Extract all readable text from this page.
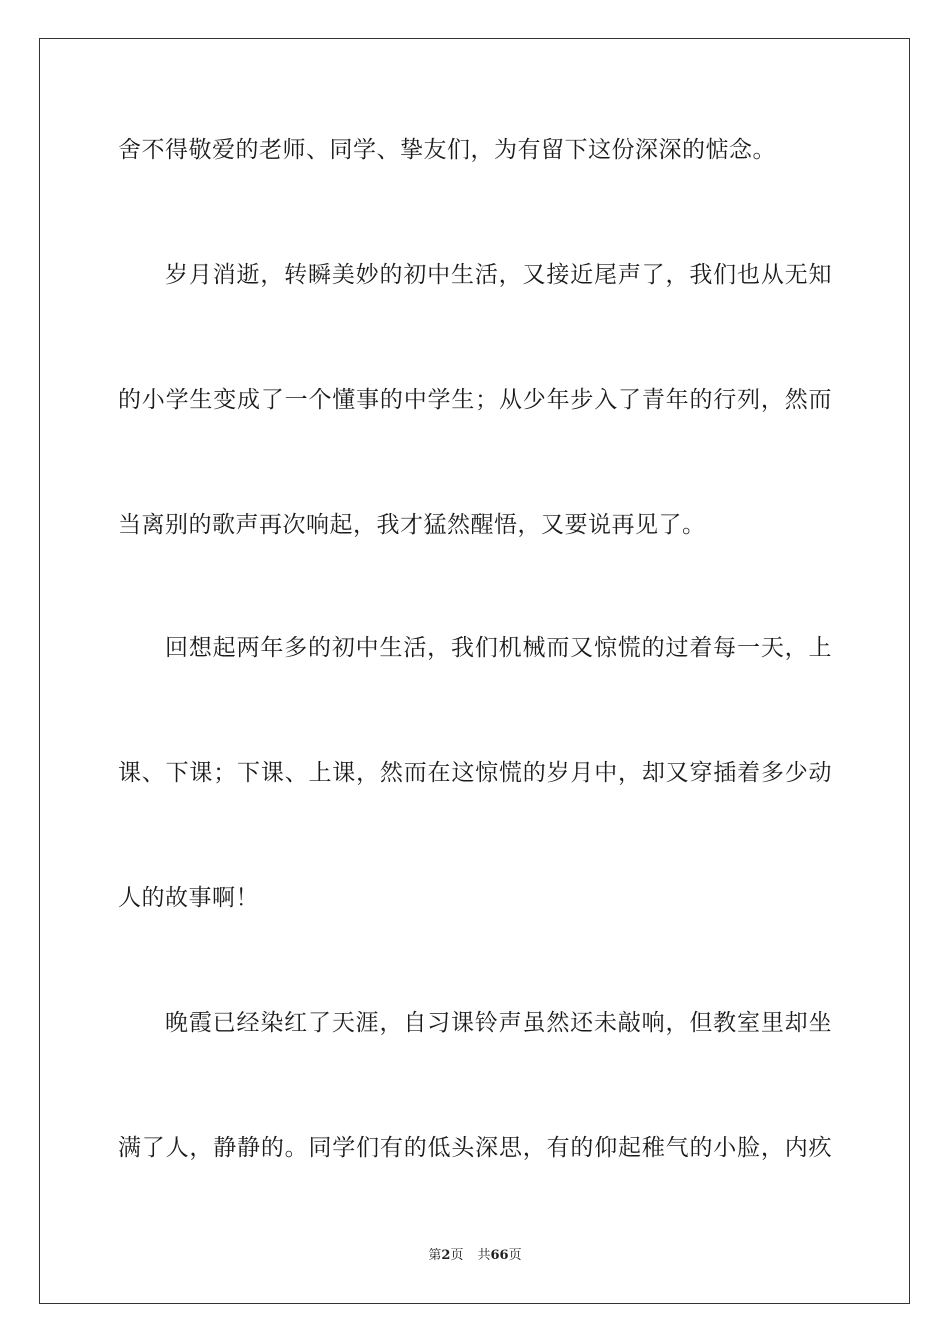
舍不得敬爱的老师、同学、挚友们，为有留下这份深深的惦念。
岁月消逝，转瞬美妙的初中生活，又接近尾声了，我们也从无知
的小学生变成了一个懂事的中学生；从少年步入了青年的行列，然而
当离别的歌声再次响起，我才猛然醒悟，又要说再见了。
回想起两年多的初中生活，我们机械而又惊慌的过着每一天，上
课、下课；下课、上课，然而在这惊慌的岁月中，却又穿插着多少动
人的故事啊！
晚霞已经染红了天涯，自习课铃声虽然还未敲响，但教室里却坐
满了人，静静的。同学们有的低头深思，有的仰起稚气的小脸，内疚
第2页 共66页
